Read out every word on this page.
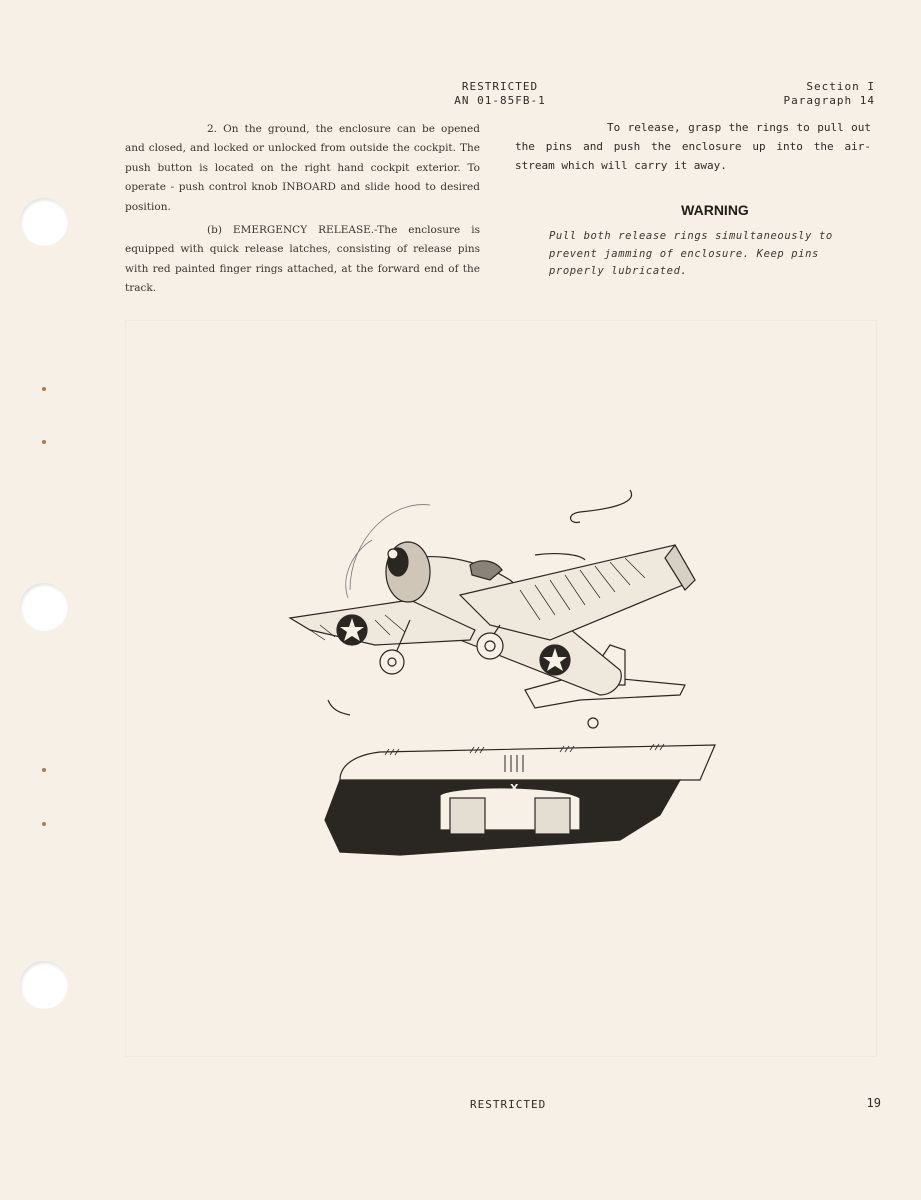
RESTRICTED
AN 01-85FB-1
Section I
Paragraph 14

2. On the ground, the enclosure can be opened and closed, and locked or unlocked from outside the cockpit. The push button is located on the right hand cockpit exterior. To operate - push control knob INBOARD and slide hood to desired position.

(b) EMERGENCY RELEASE.-The enclosure is equipped with quick release latches, consisting of release pins with red painted finger rings attached, at the forward end of the track.

To release, grasp the rings to pull out the pins and push the enclosure up into the air-stream which will carry it away.

WARNING
Pull both release rings simultaneously to prevent jamming of enclosure. Keep pins properly lubricated.
X
RESTRICTED	19
